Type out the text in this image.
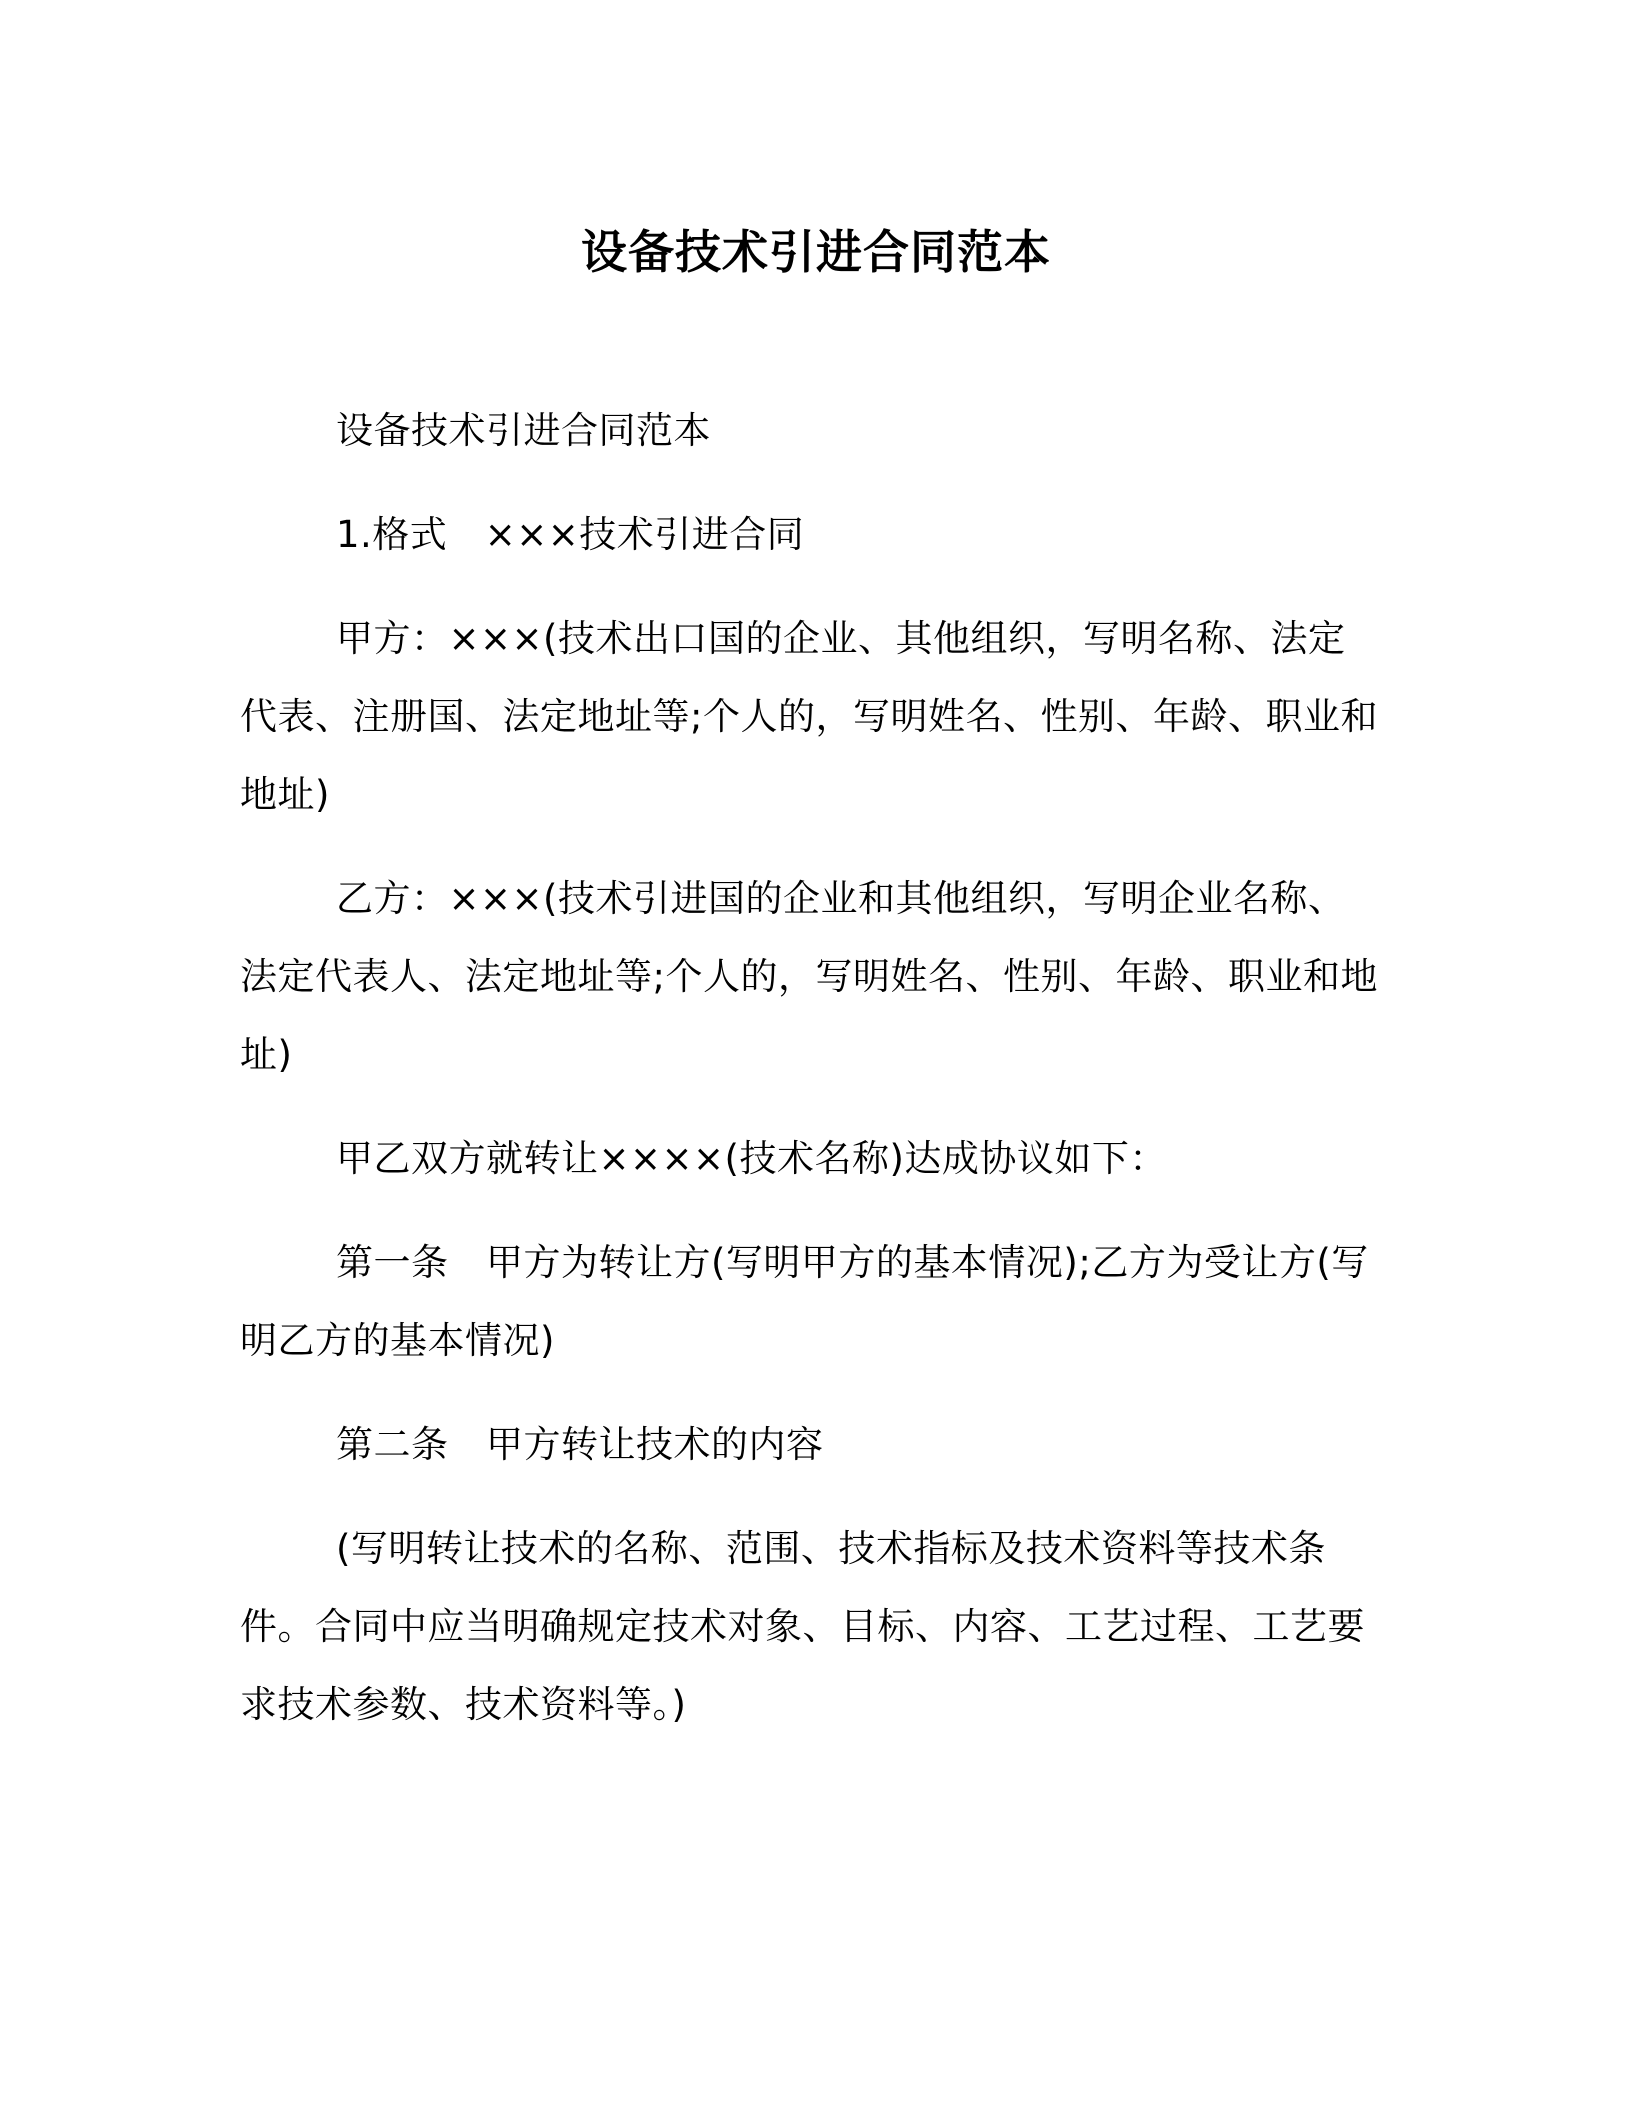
设备技术引进合同范本

设备技术引进合同范本

1.格式　×××技术引进合同

甲方：×××(技术出口国的企业、其他组织，写明名称、法定代表、注册国、法定地址等;个人的，写明姓名、性别、年龄、职业和地址)

乙方：×××(技术引进国的企业和其他组织，写明企业名称、法定代表人、法定地址等;个人的，写明姓名、性别、年龄、职业和地址)

甲乙双方就转让××××(技术名称)达成协议如下：

第一条　甲方为转让方(写明甲方的基本情况);乙方为受让方(写明乙方的基本情况)

第二条　甲方转让技术的内容

(写明转让技术的名称、范围、技术指标及技术资料等技术条件。合同中应当明确规定技术对象、目标、内容、工艺过程、工艺要求技术参数、技术资料等。)
